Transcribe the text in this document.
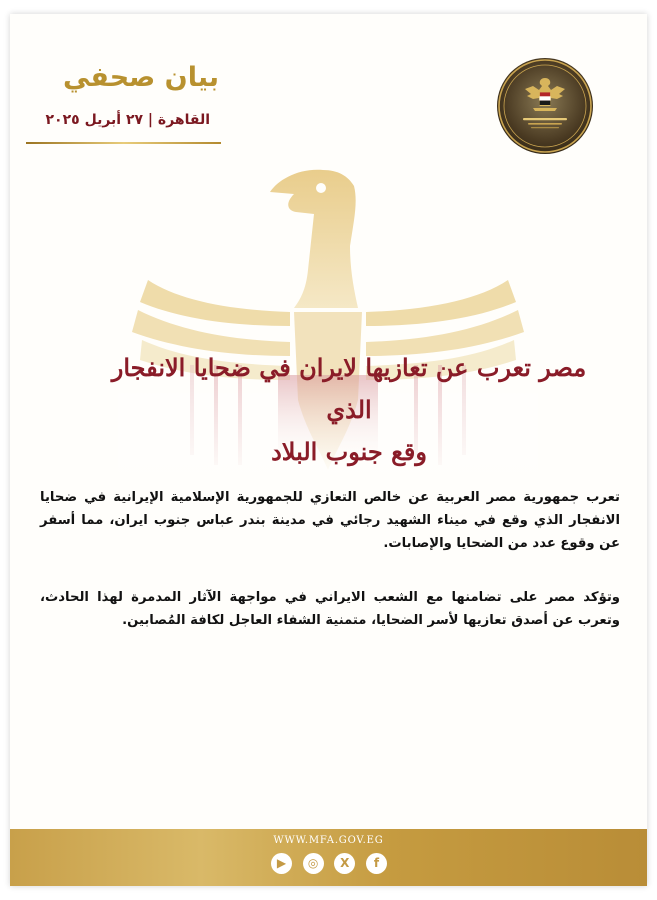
بيان صحفي
القاهرة | ٢٧ أبريل ٢٠٢٥
مصر تعرب عن تعازيها لايران في ضحايا الانفجار الذي
وقع جنوب البلاد
تعرب جمهورية مصر العربية عن خالص التعازي للجمهورية الإسلامية الإيرانية في ضحايا الانفجار الذي وقع في ميناء الشهيد رجائي في مدينة بندر عباس جنوب ايران، مما أسفر عن وقوع عدد من الضحايا والإصابات.
وتؤكد مصر على تضامنها مع الشعب الايراني في مواجهة الآثار المدمرة لهذا الحادث، وتعرب عن أصدق تعازيها لأسر الضحايا، متمنية الشفاء العاجل لكافة المُصابين.
WWW.MFA.GOV.EG
▶	◎	X	f
